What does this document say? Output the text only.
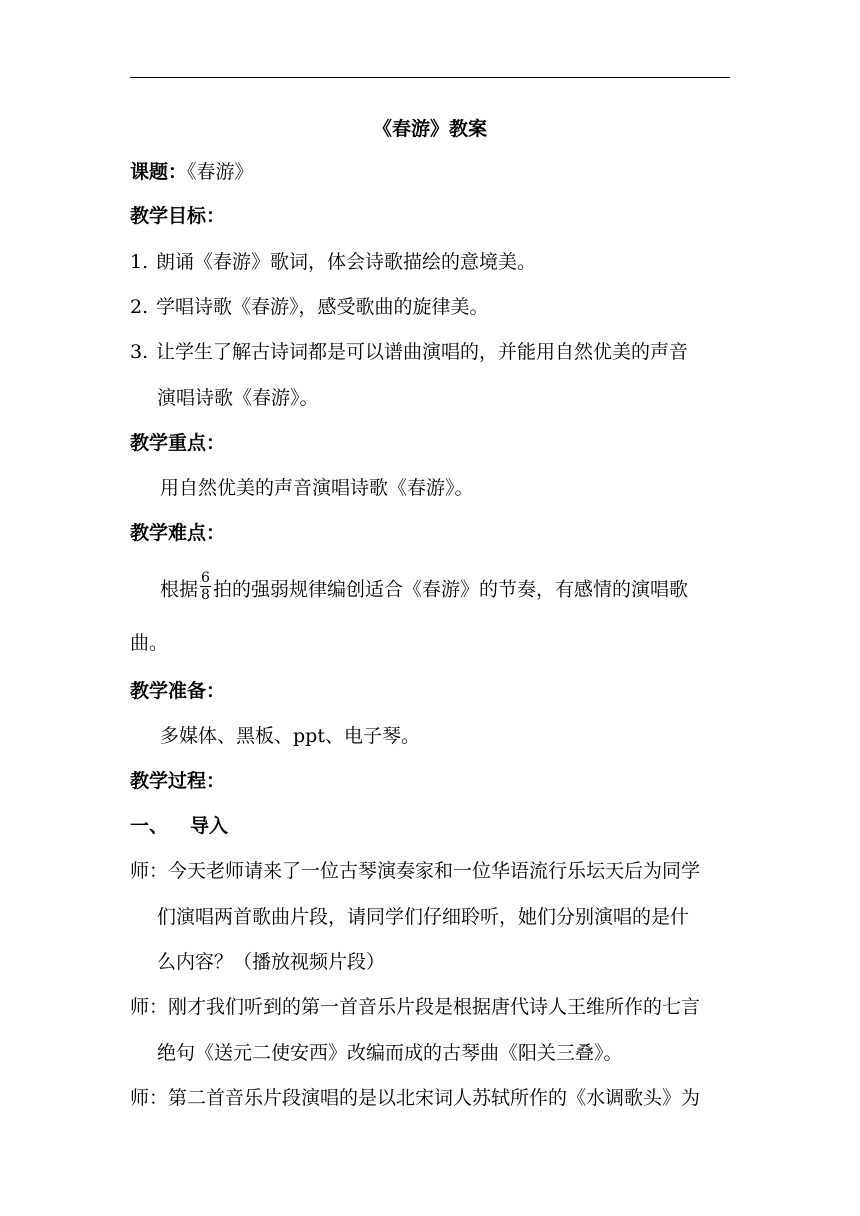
《春游》教案
课题：《春游》
教学目标：
1. 朗诵《春游》歌词，体会诗歌描绘的意境美。
2. 学唱诗歌《春游》，感受歌曲的旋律美。
3. 让学生了解古诗词都是可以谱曲演唱的，并能用自然优美的声音
演唱诗歌《春游》。
教学重点：
用自然优美的声音演唱诗歌《春游》。
教学难点：
根据 $\frac{6}{8}$ 拍的强弱规律编创适合《春游》的节奏，有感情的演唱歌
曲。
教学准备：
多媒体、黑板、ppt、电子琴。
教学过程：
一、 导入
师：今天老师请来了一位古琴演奏家和一位华语流行乐坛天后为同学
们演唱两首歌曲片段，请同学们仔细聆听，她们分别演唱的是什
么内容？（播放视频片段）
师：刚才我们听到的第一首音乐片段是根据唐代诗人王维所作的七言
绝句《送元二使安西》改编而成的古琴曲《阳关三叠》。
师：第二首音乐片段演唱的是以北宋词人苏轼所作的《水调歌头》为
